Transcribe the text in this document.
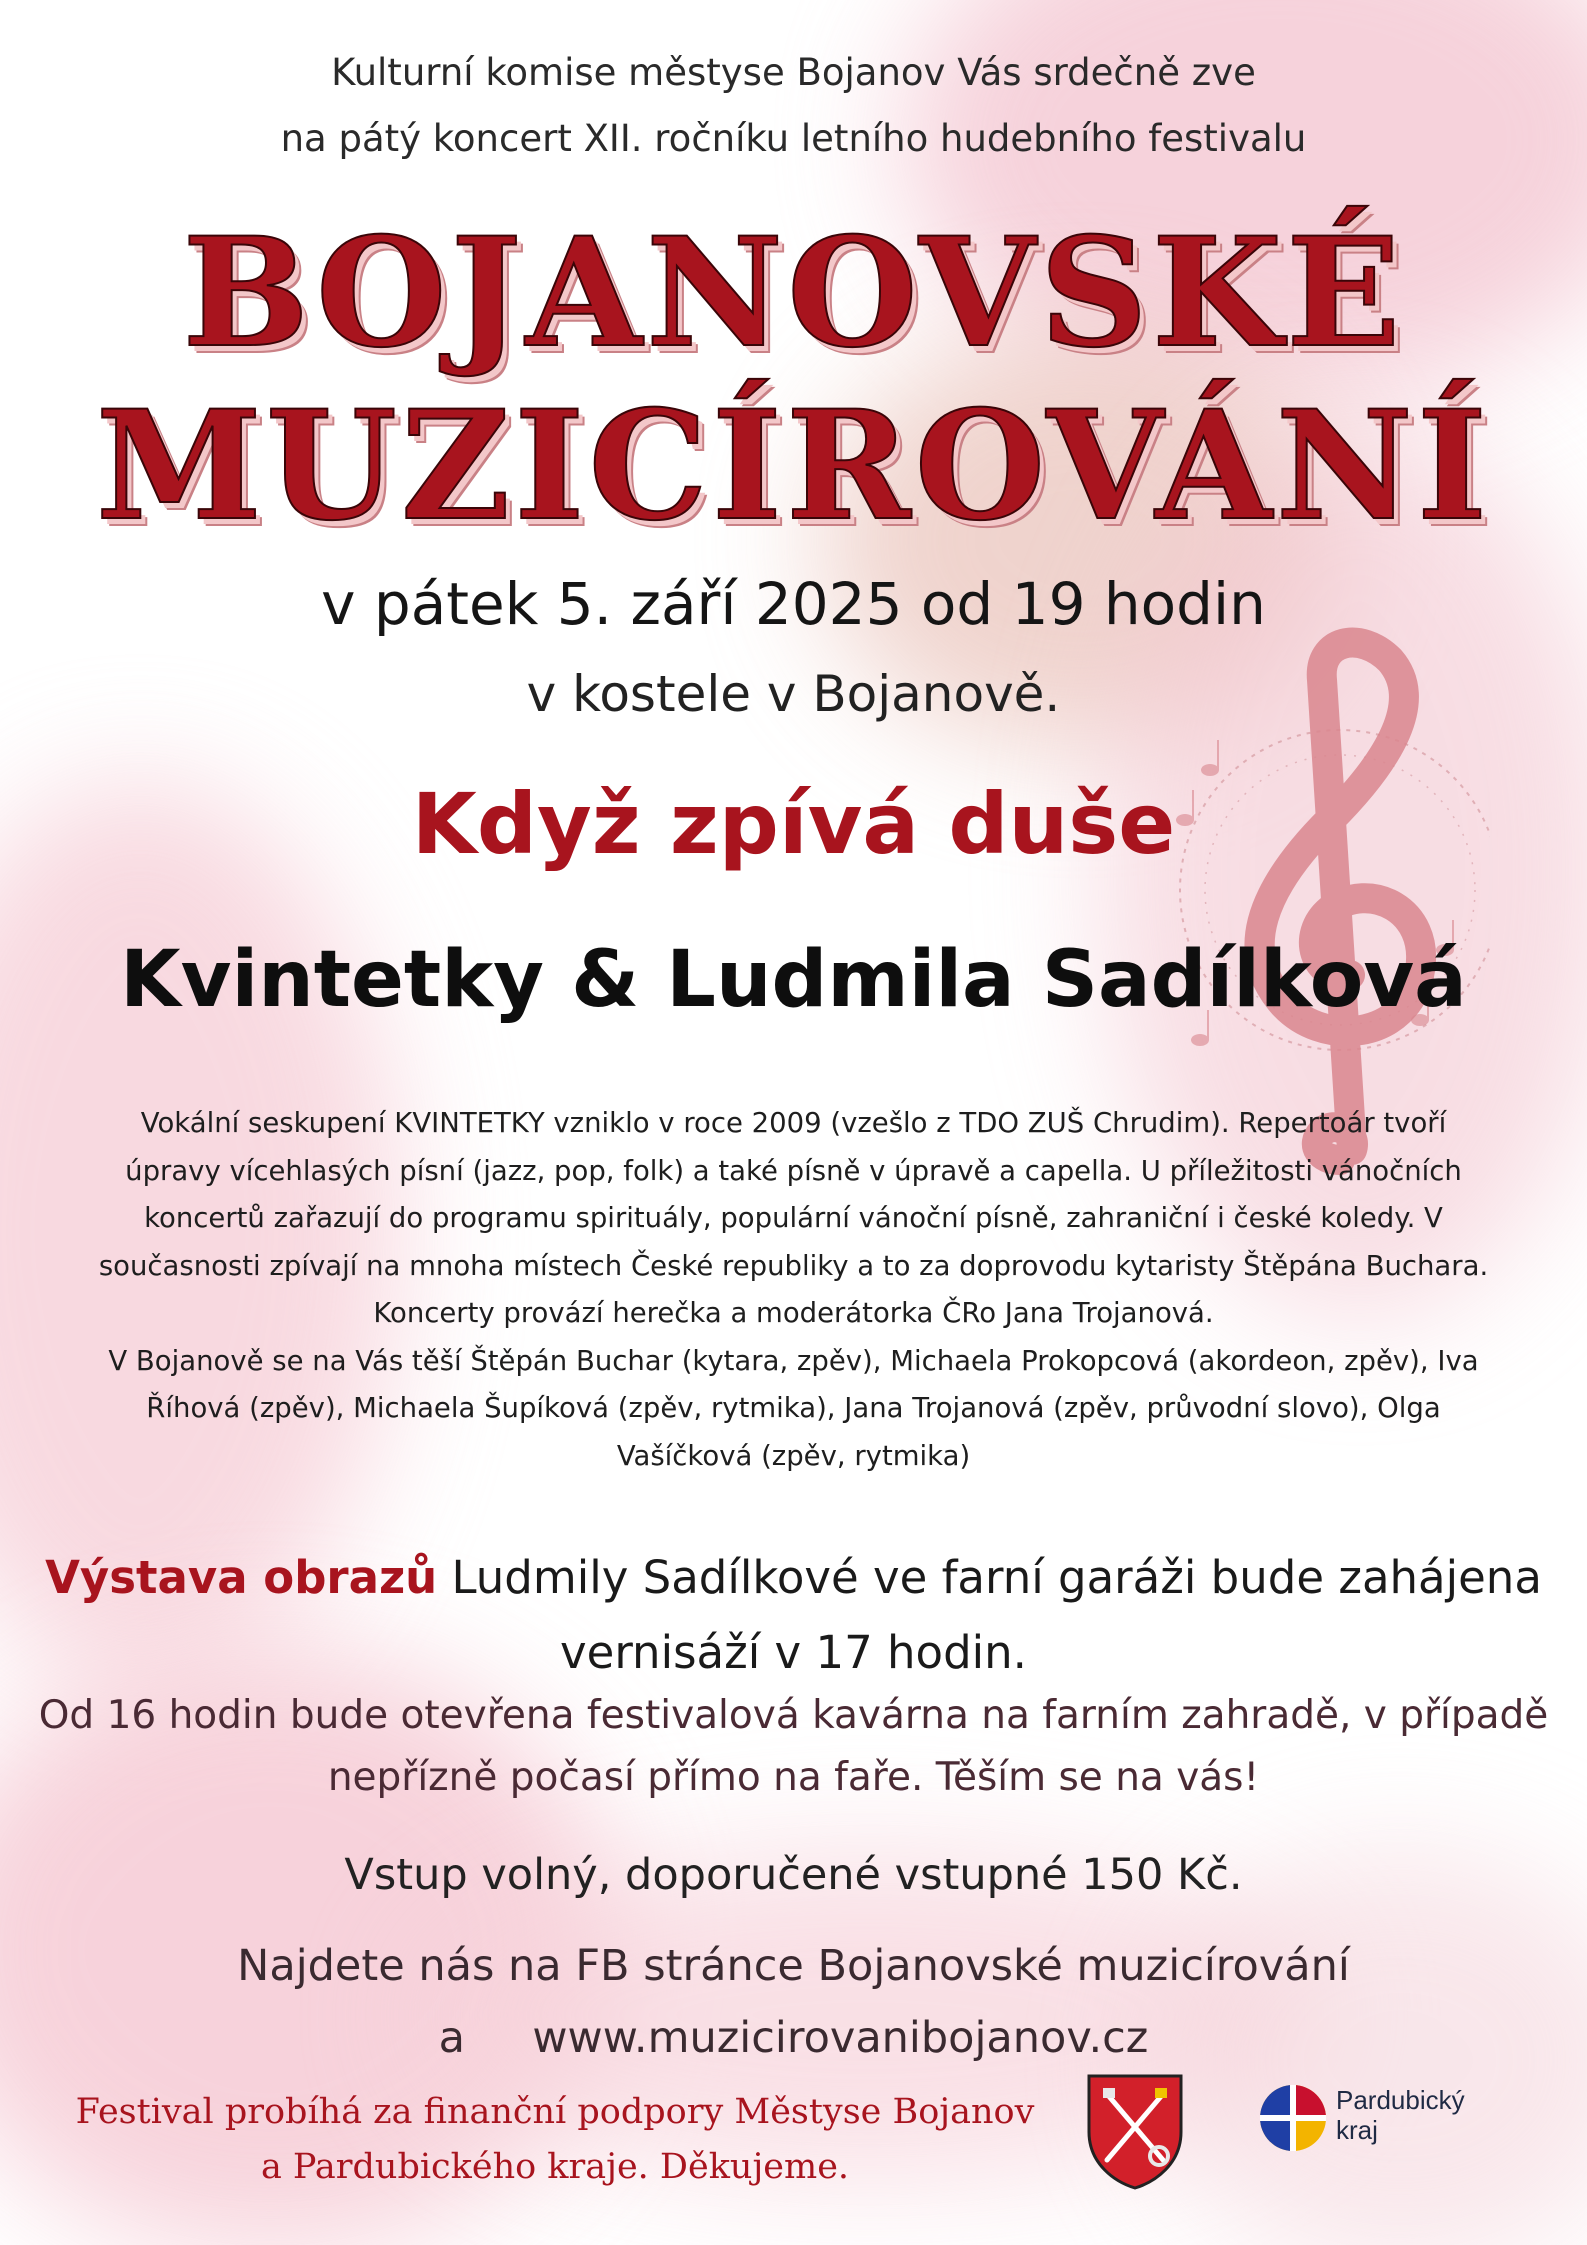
Kulturní komise městyse Bojanov Vás srdečně zve
na pátý koncert XII. ročníku letního hudebního festivalu
BOJANOVSKÉ
MUZICÍROVÁNÍ
v pátek 5. září 2025 od 19 hodin
v kostele v Bojanově.
Když zpívá duše
Kvintetky & Ludmila Sadílková
Vokální seskupení KVINTETKY vzniklo v roce 2009 (vzešlo z TDO ZUŠ Chrudim). Repertoár tvoří
úpravy vícehlasých písní (jazz, pop, folk) a také písně v úpravě a capella. U příležitosti vánočních
koncertů zařazují do programu spirituály, populární vánoční písně, zahraniční i české koledy. V
současnosti zpívají na mnoha místech České republiky a to za doprovodu kytaristy Štěpána Buchara.
Koncerty provází herečka a moderátorka ČRo Jana Trojanová.
V Bojanově se na Vás těší Štěpán Buchar (kytara, zpěv), Michaela Prokopcová (akordeon, zpěv), Iva
Říhová (zpěv), Michaela Šupíková (zpěv, rytmika), Jana Trojanová (zpěv, průvodní slovo), Olga
Vašíčková (zpěv, rytmika)
Výstava obrazů Ludmily Sadílkové ve farní garáži bude zahájena
vernisáží v 17 hodin.
Od 16 hodin bude otevřena festivalová kavárna na farním zahradě, v případě
nepřízně počasí přímo na faře. Těším se na vás!
Vstup volný, doporučené vstupné 150 Kč.
Najdete nás na FB stránce Bojanovské muzicírování
a www.muzicirovanibojanov.cz
Festival probíhá za finanční podpory Městyse Bojanov
a Pardubického kraje. Děkujeme.
Pardubický
kraj
